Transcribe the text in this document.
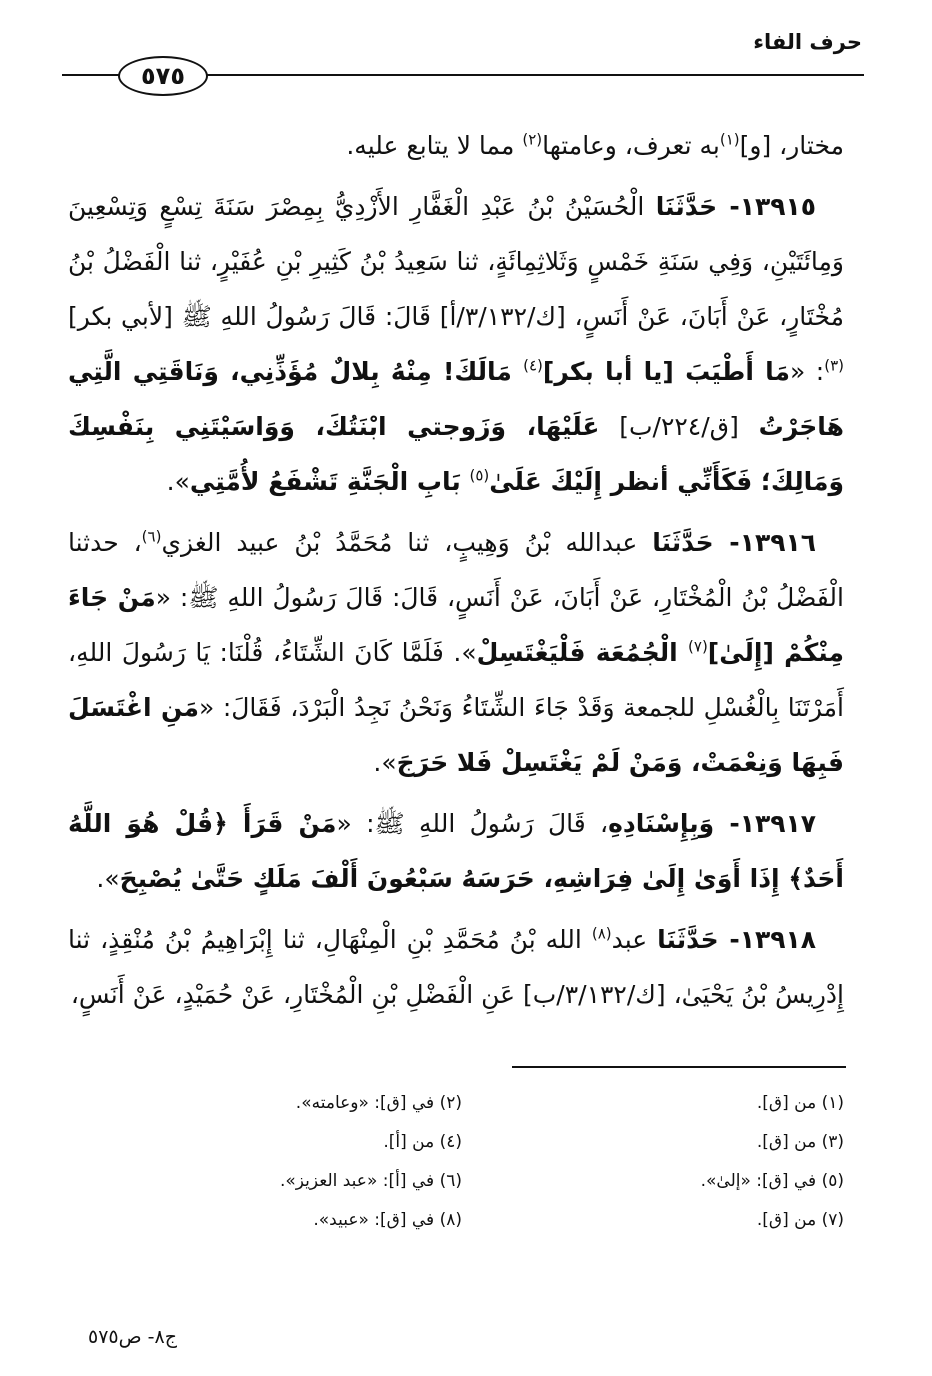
حرف الفاء
٥٧٥

مختار، [و]$^{(١)}$به تعرف، وعامتها$^{(٢)}$ مما لا يتابع عليه.

١٣٩١٥- حَدَّثَنَا الْحُسَيْنُ بْنُ عَبْدِ الْغَفَّارِ الأَزْدِيُّ بِمِصْرَ سَنَةَ تِسْعٍ وَتِسْعِينَ وَمِائَتَيْنِ، وَفِي سَنَةِ خَمْسٍ وَثَلاثِمِائَةٍ، ثنا سَعِيدُ بْنُ كَثِيرِ بْنِ عُفَيْرٍ، ثنا الْفَضْلُ بْنُ مُخْتَارٍ، عَنْ أَبَانَ، عَنْ أَنَسٍ، [ك/٣/١٣٢/أ] قَالَ: قَالَ رَسُولُ اللهِ ﷺ [لأبي بكر]$^{(٣)}$: «مَا أَطْيَبَ [يا أبا بكر]$^{(٤)}$ مَالَكَ! مِنْهُ بِلالٌ مُؤَذِّنِي، وَنَاقَتِي الَّتِي هَاجَرْتُ [ق/٢٢٤/ب] عَلَيْهَا، وَزَوجتي ابْنَتُكَ، وَوَاسَيْتَنِي بِنَفْسِكَ وَمَالِكَ؛ فَكَأَنِّي أنظر إِلَيْكَ عَلَىٰ$^{(٥)}$ بَابِ الْجَنَّةِ تَشْفَعُ لأُمَّتِي».

١٣٩١٦- حَدَّثَنَا عبدالله بْنُ وَهِيبٍ، ثنا مُحَمَّدُ بْنُ عبيد الغزي$^{(٦)}$، حدثنا الْفَضْلُ بْنُ الْمُخْتَارِ، عَنْ أَبَانَ، عَنْ أَنَسٍ، قَالَ: قَالَ رَسُولُ اللهِ ﷺ: «مَنْ جَاءَ مِنْكُمْ [إِلَىٰ]$^{(٧)}$ الْجُمُعَة فَلْيَغْتَسِلْ». فَلَمَّا كَانَ الشِّتَاءُ، قُلْنَا: يَا رَسُولَ اللهِ، أَمَرْتَنَا بِالْغُسْلِ للجمعة وَقَدْ جَاءَ الشِّتَاءُ وَنَحْنُ نَجِدُ الْبَرْدَ، فَقَالَ: «مَنِ اغْتَسَلَ فَبِهَا وَنِعْمَتْ، وَمَنْ لَمْ يَغْتَسِلْ فَلا حَرَجَ».

١٣٩١٧- وَبِإِسْنَادِهِ، قَالَ رَسُولُ اللهِ ﷺ: «مَنْ قَرَأَ ﴿قُلْ هُوَ اللَّهُ أَحَدٌ﴾ إِذَا أَوَىٰ إِلَىٰ فِرَاشِهِ، حَرَسَهُ سَبْعُونَ أَلْفَ مَلَكٍ حَتَّىٰ يُصْبِحَ».

١٣٩١٨- حَدَّثَنَا عبد$^{(٨)}$ الله بْنُ مُحَمَّدِ بْنِ الْمِنْهَالِ، ثنا إِبْرَاهِيمُ بْنُ مُنْقِذٍ، ثنا إِدْرِيسُ بْنُ يَحْيَىٰ، [ك/٣/١٣٢/ب] عَنِ الْفَضْلِ بْنِ الْمُخْتَارِ، عَنْ حُمَيْدٍ، عَنْ أَنَسٍ،

(١) من [ق].
(٢) في [ق]: «وعامته».
(٣) من [ق].
(٤) من [أ].
(٥) في [ق]: «إلىٰ».
(٦) في [أ]: «عبد العزيز».
(٧) من [ق].
(٨) في [ق]: «عبيد».
ج٨- ص٥٧٥
